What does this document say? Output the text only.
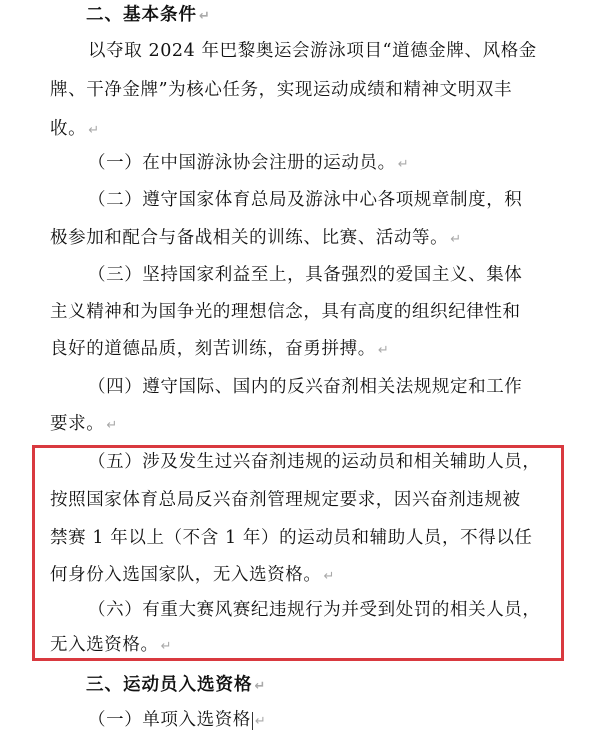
二、基本条件 ↵
以夺取 2024 年巴黎奥运会游泳项目“道德金牌、风格金
牌、干净金牌”为核心任务，实现运动成绩和精神文明双丰
收。 ↵
（一）在中国游泳协会注册的运动员。 ↵
（二）遵守国家体育总局及游泳中心各项规章制度，积
极参加和配合与备战相关的训练、比赛、活动等。 ↵
（三）坚持国家利益至上，具备强烈的爱国主义、集体
主义精神和为国争光的理想信念，具有高度的组织纪律性和
良好的道德品质，刻苦训练，奋勇拼搏。 ↵
（四）遵守国际、国内的反兴奋剂相关法规规定和工作
要求。 ↵
（五）涉及发生过兴奋剂违规的运动员和相关辅助人员，
按照国家体育总局反兴奋剂管理规定要求，因兴奋剂违规被
禁赛 1 年以上（不含 1 年）的运动员和辅助人员，不得以任
何身份入选国家队，无入选资格。 ↵
（六）有重大赛风赛纪违规行为并受到处罚的相关人员，
无入选资格。 ↵
三、运动员入选资格 ↵
（一）单项入选资格 ↵
